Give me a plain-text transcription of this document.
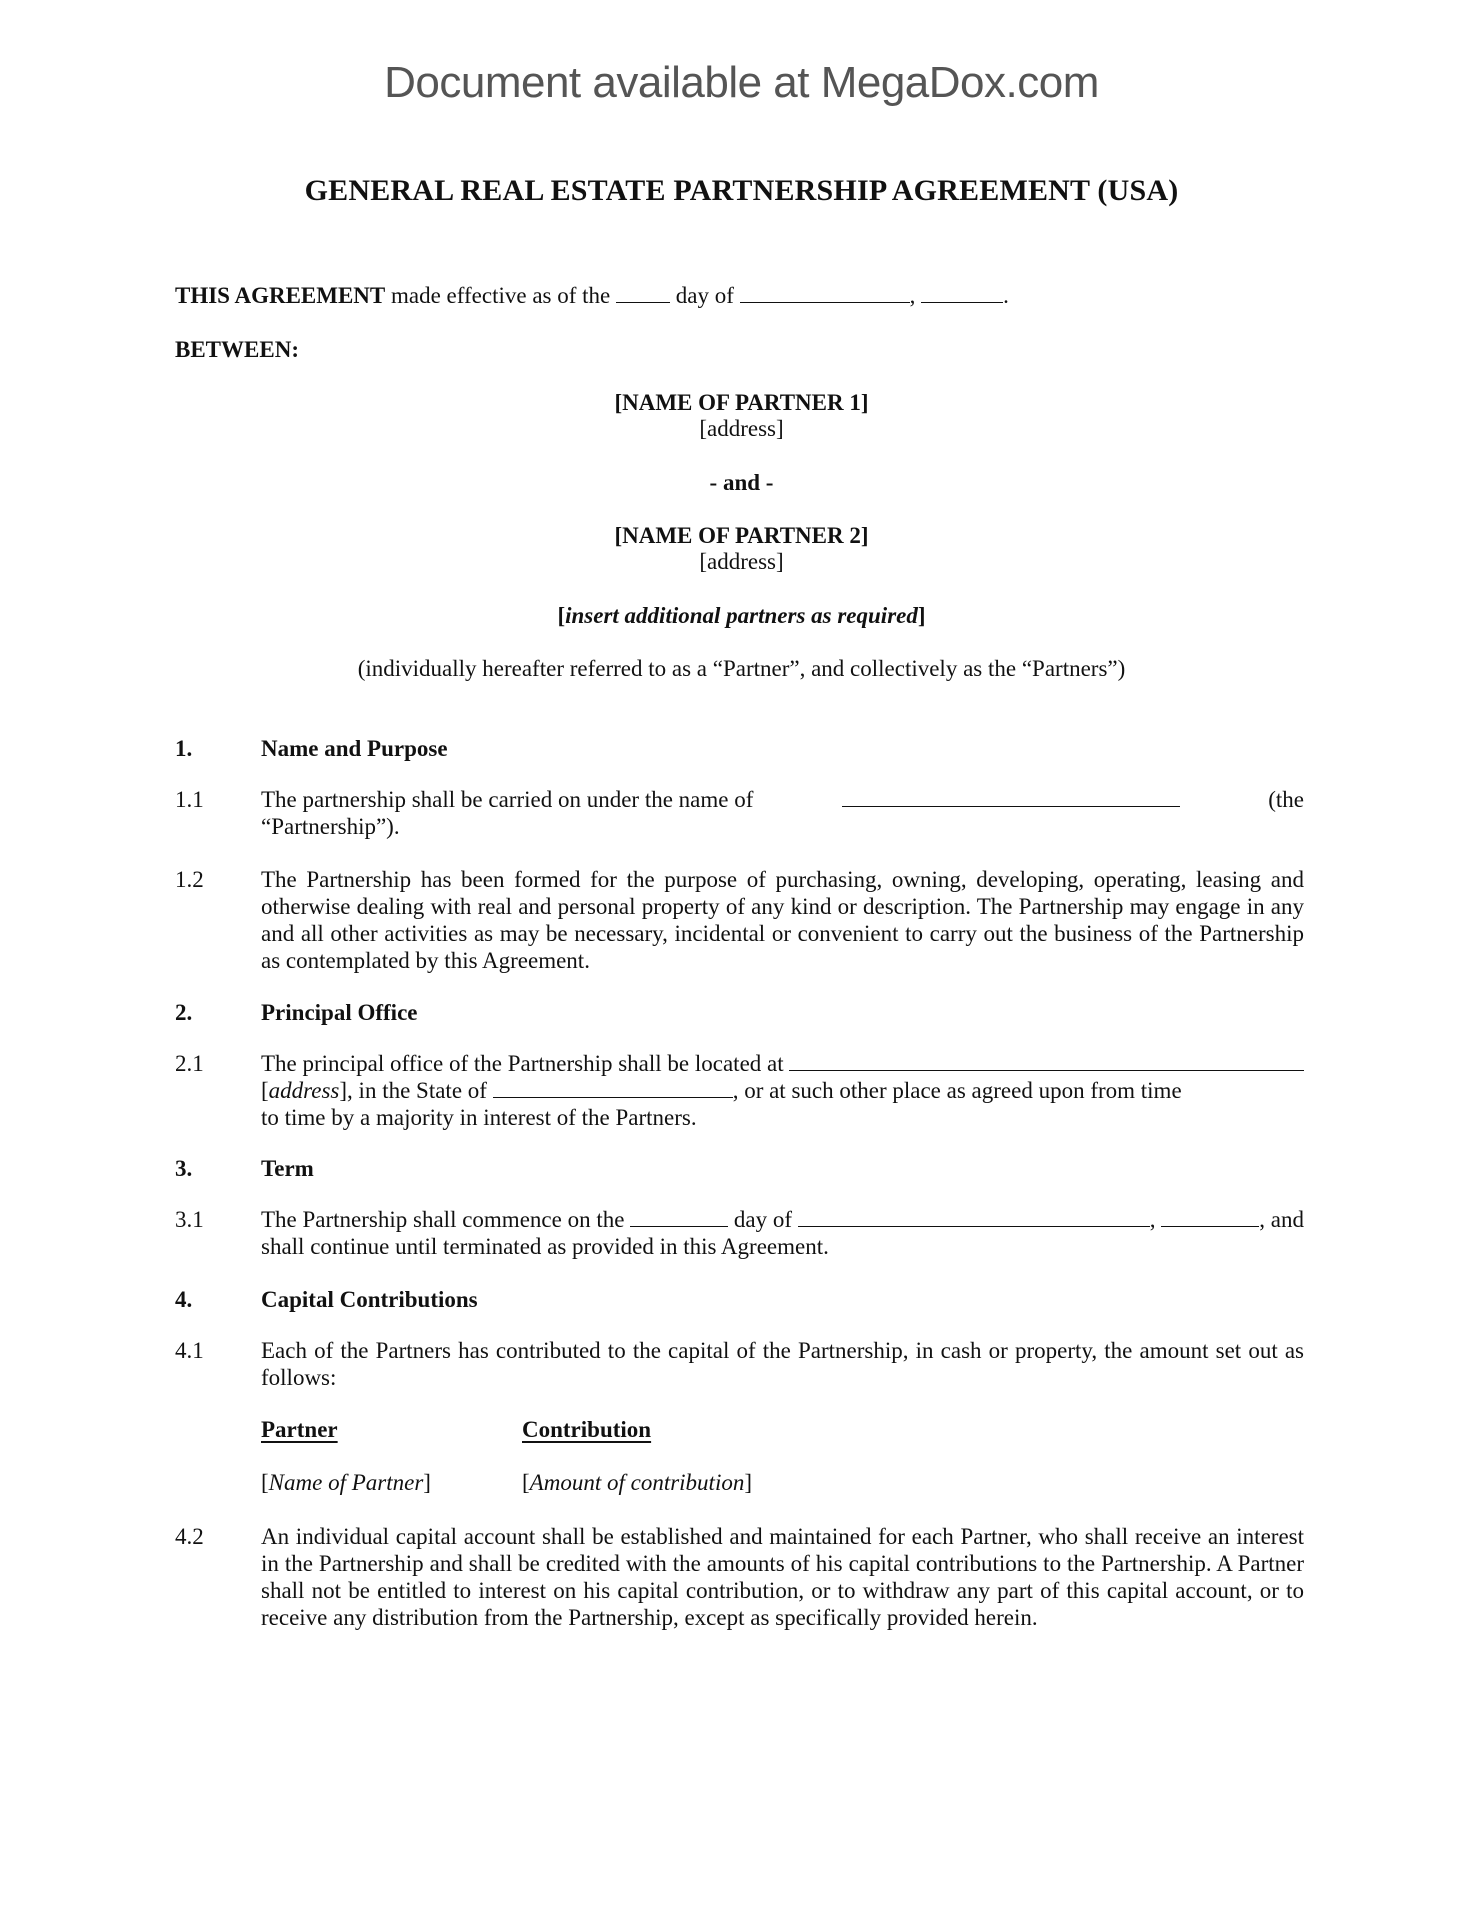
Document available at MegaDox.com
GENERAL REAL ESTATE PARTNERSHIP AGREEMENT (USA)
THIS AGREEMENT made effective as of the  day of	,	.
BETWEEN:
[NAME OF PARTNER 1]
[address]
- and -
[NAME OF PARTNER 2]
[address]
[insert additional partners as required]
(individually hereafter referred to as a “Partner”, and collectively as the “Partners”)
1.	Name and Purpose
1.1 The partnership shall be carried on under the name of	(the
“Partnership”).
1.2 The Partnership has been formed for the purpose of purchasing, owning, developing, operating, leasing and otherwise dealing with real and personal property of any kind or description. The Partnership may engage in any and all other activities as may be necessary, incidental or convenient to carry out the business of the Partnership as contemplated by this Agreement.
2.	Principal Office
2.1 The principal office of the Partnership shall be located at
[address], in the State of	, or at such other place as agreed upon from time
to time by a majority in interest of the Partners.
3.	Term
3.1 The Partnership shall commence on the	day of	,	, and
shall continue until terminated as provided in this Agreement.
4.	Capital Contributions
4.1 Each of the Partners has contributed to the capital of the Partnership, in cash or property, the amount set out as follows:
Partner	Contribution
[Name of Partner]	[Amount of contribution]
4.2 An individual capital account shall be established and maintained for each Partner, who shall receive an interest in the Partnership and shall be credited with the amounts of his capital contributions to the Partnership. A Partner shall not be entitled to interest on his capital contribution, or to withdraw any part of this capital account, or to receive any distribution from the Partnership, except as specifically provided herein.
